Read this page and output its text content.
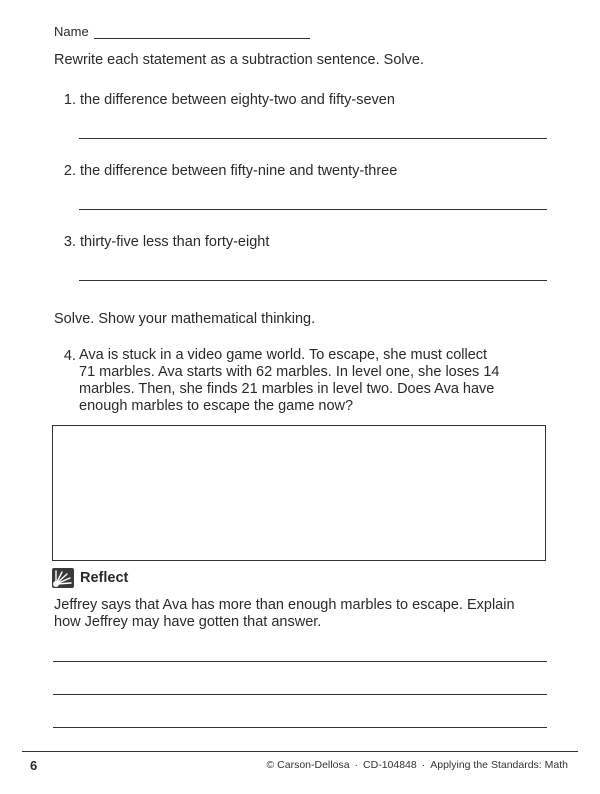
Name
Rewrite each statement as a subtraction sentence. Solve.
1. the difference between eighty-two and fifty-seven
2. the difference between fifty-nine and twenty-three
3. thirty-five less than forty-eight
Solve. Show your mathematical thinking.
4. Ava is stuck in a video game world. To escape, she must collect
71 marbles. Ava starts with 62 marbles. In level one, she loses 14
marbles. Then, she finds 21 marbles in level two. Does Ava have
enough marbles to escape the game now?
Reflect
Jeffrey says that Ava has more than enough marbles to escape. Explain
how Jeffrey may have gotten that answer.
6	© Carson-Dellosa · CD-104848 · Applying the Standards: Math
